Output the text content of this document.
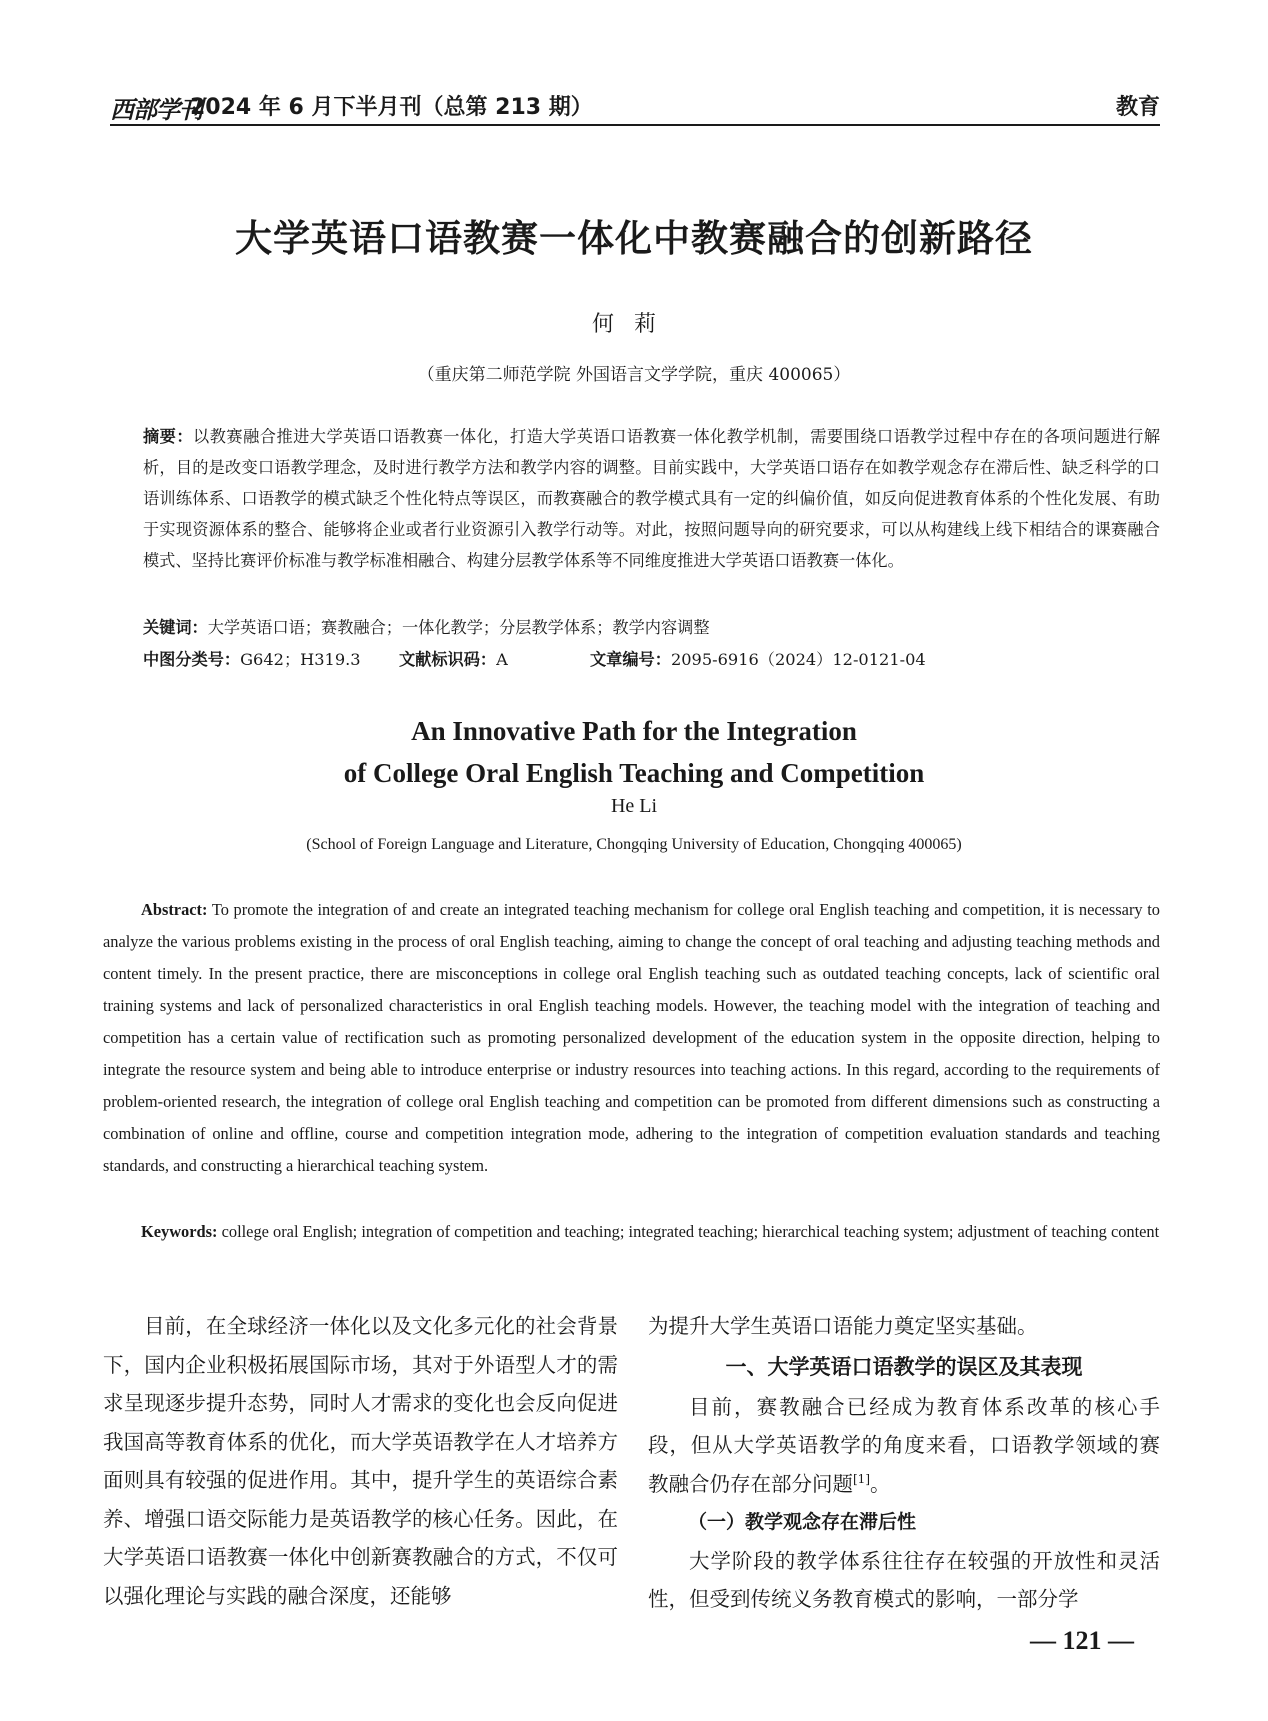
西部学刊
2024 年 6 月下半月刊（总第 213 期）	教育
大学英语口语教赛一体化中教赛融合的创新路径
何莉
（重庆第二师范学院 外国语言文学学院，重庆 400065）
摘要：以教赛融合推进大学英语口语教赛一体化，打造大学英语口语教赛一体化教学机制，需要围绕口语教学过程中存在的各项问题进行解析，目的是改变口语教学理念，及时进行教学方法和教学内容的调整。目前实践中，大学英语口语存在如教学观念存在滞后性、缺乏科学的口语训练体系、口语教学的模式缺乏个性化特点等误区，而教赛融合的教学模式具有一定的纠偏价值，如反向促进教育体系的个性化发展、有助于实现资源体系的整合、能够将企业或者行业资源引入教学行动等。对此，按照问题导向的研究要求，可以从构建线上线下相结合的课赛融合模式、坚持比赛评价标准与教学标准相融合、构建分层教学体系等不同维度推进大学英语口语教赛一体化。
关键词：大学英语口语；赛教融合；一体化教学；分层教学体系；教学内容调整
中图分类号：G642；H319.3 文献标识码：A	文章编号：2095-6916（2024）12-0121-04
An Innovative Path for the Integration
of College Oral English Teaching and Competition
He Li
(School of Foreign Language and Literature, Chongqing University of Education, Chongqing 400065)
Abstract: To promote the integration of and create an integrated teaching mechanism for college oral English teaching and competition, it is necessary to analyze the various problems existing in the process of oral English teaching, aiming to change the concept of oral teaching and adjusting teaching methods and content timely. In the present practice, there are misconceptions in college oral English teaching such as outdated teaching concepts, lack of scientific oral training systems and lack of personalized characteristics in oral English teaching models. However, the teaching model with the integration of teaching and competition has a certain value of rectification such as promoting personalized development of the education system in the opposite direction, helping to integrate the resource system and being able to introduce enterprise or industry resources into teaching actions. In this regard, according to the requirements of problem-oriented research, the integration of college oral English teaching and competition can be promoted from different dimensions such as constructing a combination of online and offline, course and competition integration mode, adhering to the integration of competition evaluation standards and teaching standards, and constructing a hierarchical teaching system.
Keywords: college oral English; integration of competition and teaching; integrated teaching; hierarchical teaching system; adjustment of teaching content

目前，在全球经济一体化以及文化多元化的社会背景下，国内企业积极拓展国际市场，其对于外语型人才的需求呈现逐步提升态势，同时人才需求的变化也会反向促进我国高等教育体系的优化，而大学英语教学在人才培养方面则具有较强的促进作用。其中，提升学生的英语综合素养、增强口语交际能力是英语教学的核心任务。因此，在大学英语口语教赛一体化中创新赛教融合的方式，不仅可以强化理论与实践的融合深度，还能够

为提升大学生英语口语能力奠定坚实基础。

一、大学英语口语教学的误区及其表现

目前，赛教融合已经成为教育体系改革的核心手段，但从大学英语教学的角度来看，口语教学领域的赛教融合仍存在部分问题[1]。

（一）教学观念存在滞后性

大学阶段的教学体系往往存在较强的开放性和灵活性，但受到传统义务教育模式的影响，一部分学

— 121 —
